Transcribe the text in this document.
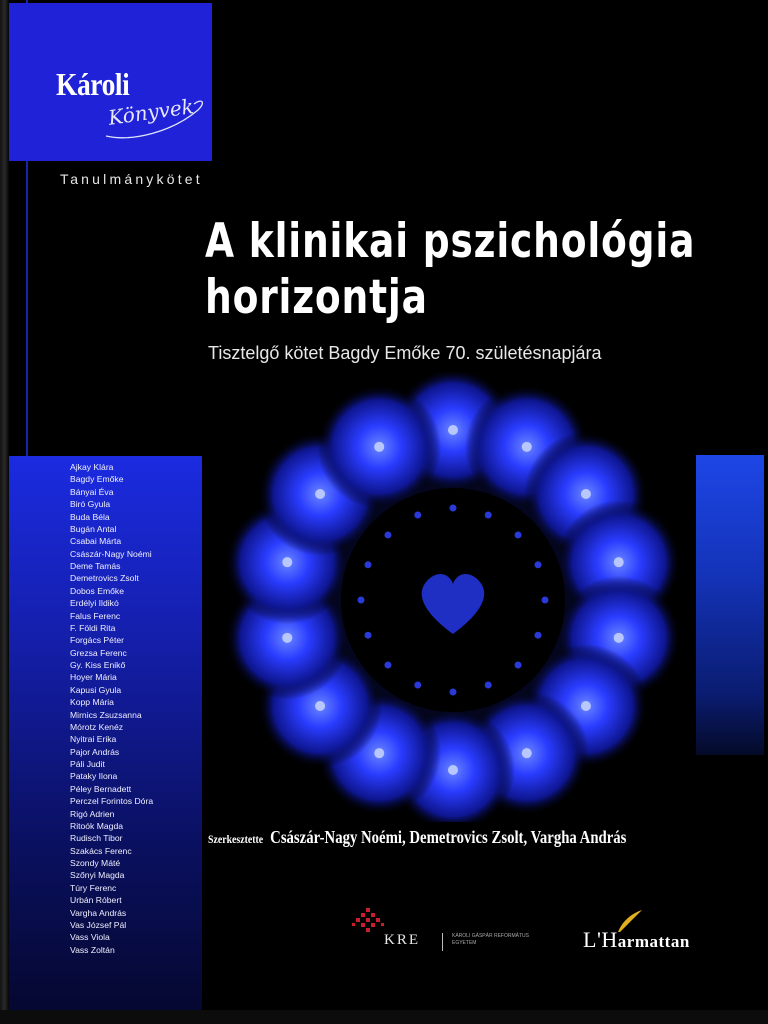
Károli
Könyvek
Tanulmánykötet
A klinikai pszichológia
horizontja
Tisztelgő kötet Bagdy Emőke 70. születésnapjára
Ajkay Klára
Bagdy Emőke
Bányai Éva
Biró Gyula
Buda Béla
Bugán Antal
Csabai Márta
Császár-Nagy Noémi
Deme Tamás
Demetrovics Zsolt
Dobos Emőke
Erdélyi Ildikó
Falus Ferenc
F. Földi Rita
Forgács Péter
Grezsa Ferenc
Gy. Kiss Enikő
Hoyer Mária
Kapusi Gyula
Kopp Mária
Mirnics Zsuzsanna
Mórotz Kenéz
Nyitrai Erika
Pajor András
Páli Judit
Pataky Ilona
Péley Bernadett
Perczel Forintos Dóra
Rigó Adrien
Ritoók Magda
Rudisch Tibor
Szakács Ferenc
Szondy Máté
Szőnyi Magda
Túry Ferenc
Urbán Róbert
Vargha András
Vas József Pál
Vass Viola
Vass Zoltán
Szerkesztette Császár-Nagy Noémi, Demetrovics Zsolt, Vargha András
KRE	KÁROLI GÁSPÁR REFORMÁTUS EGYETEM	L'Harmattan
